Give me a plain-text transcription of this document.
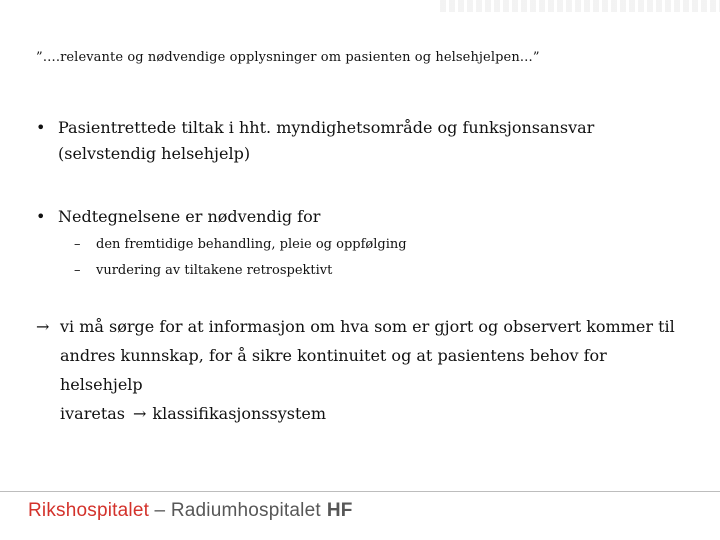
”….relevante og nødvendige opplysninger om pasienten og helsehjelpen…”
• Pasientrettede tiltak i hht. myndighetsområde og funksjonsansvar (selvstendig helsehjelp)
• Nedtegnelsene er nødvendig for
– den fremtidige behandling, pleie og oppfølging
– vurdering av tiltakene retrospektivt
→ vi må sørge for at informasjon om hva som er gjort og observert kommer til
andres kunnskap, for å sikre kontinuitet og at pasientens behov for helsehjelp
ivaretas → klassifikasjonssystem
Rikshospitalet – Radiumhospitalet HF
